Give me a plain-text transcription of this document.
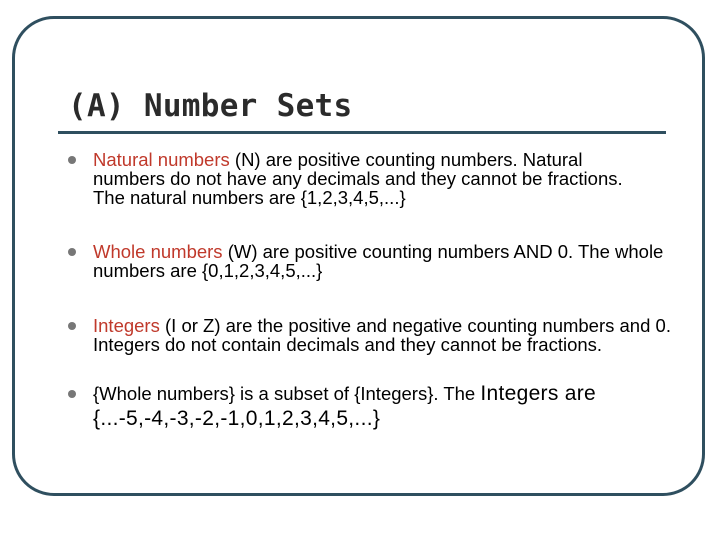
(A) Number Sets
Natural numbers (N) are positive counting numbers. Natural numbers do not have any decimals and they cannot be fractions. The natural numbers are {1,2,3,4,5,...}
Whole numbers (W) are positive counting numbers AND 0. The whole numbers are {0,1,2,3,4,5,...}
Integers (I or Z) are the positive and negative counting numbers and 0. Integers do not contain decimals and they cannot be fractions.
{Whole numbers} is a subset of {Integers}. The Integers are {...-5,-4,-3,-2,-1,0,1,2,3,4,5,...}
